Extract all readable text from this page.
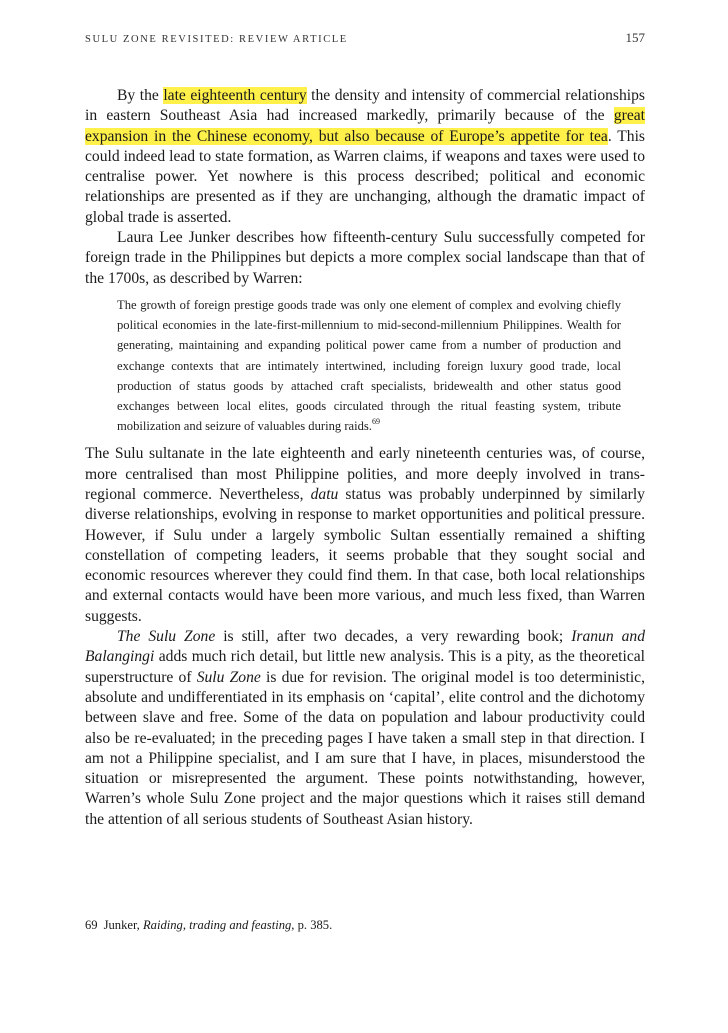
SULU ZONE REVISITED: REVIEW ARTICLE	157

By the late eighteenth century the density and intensity of commercial relationships in eastern Southeast Asia had increased markedly, primarily because of the great expansion in the Chinese economy, but also because of Europe’s appetite for tea. This could indeed lead to state formation, as Warren claims, if weapons and taxes were used to centralise power. Yet nowhere is this process described; political and economic relationships are presented as if they are unchanging, although the dramatic impact of global trade is asserted.

Laura Lee Junker describes how fifteenth-century Sulu successfully competed for foreign trade in the Philippines but depicts a more complex social landscape than that of the 1700s, as described by Warren:

The growth of foreign prestige goods trade was only one element of complex and evolving chiefly political economies in the late-first-millennium to mid-second-millennium Philippines. Wealth for generating, maintaining and expanding political power came from a number of production and exchange contexts that are intimately intertwined, including foreign luxury good trade, local production of status goods by attached craft specialists, bridewealth and other status good exchanges between local elites, goods circulated through the ritual feasting system, tribute mobilization and seizure of valuables during raids.$^{69}$

The Sulu sultanate in the late eighteenth and early nineteenth centuries was, of course, more centralised than most Philippine polities, and more deeply involved in trans-regional commerce. Nevertheless, datu status was probably underpinned by similarly diverse relationships, evolving in response to market opportunities and political pressure. However, if Sulu under a largely symbolic Sultan essentially remained a shifting constellation of competing leaders, it seems probable that they sought social and economic resources wherever they could find them. In that case, both local relationships and external contacts would have been more various, and much less fixed, than Warren suggests.

The Sulu Zone is still, after two decades, a very rewarding book; Iranun and Balangingi adds much rich detail, but little new analysis. This is a pity, as the theoretical superstructure of Sulu Zone is due for revision. The original model is too deterministic, absolute and undifferentiated in its emphasis on ‘capital’, elite control and the dichotomy between slave and free. Some of the data on population and labour productivity could also be re-evaluated; in the preceding pages I have taken a small step in that direction. I am not a Philippine specialist, and I am sure that I have, in places, misunderstood the situation or misrepresented the argument. These points notwithstanding, however, Warren’s whole Sulu Zone project and the major questions which it raises still demand the attention of all serious students of Southeast Asian history.

69 Junker, Raiding, trading and feasting, p. 385.
